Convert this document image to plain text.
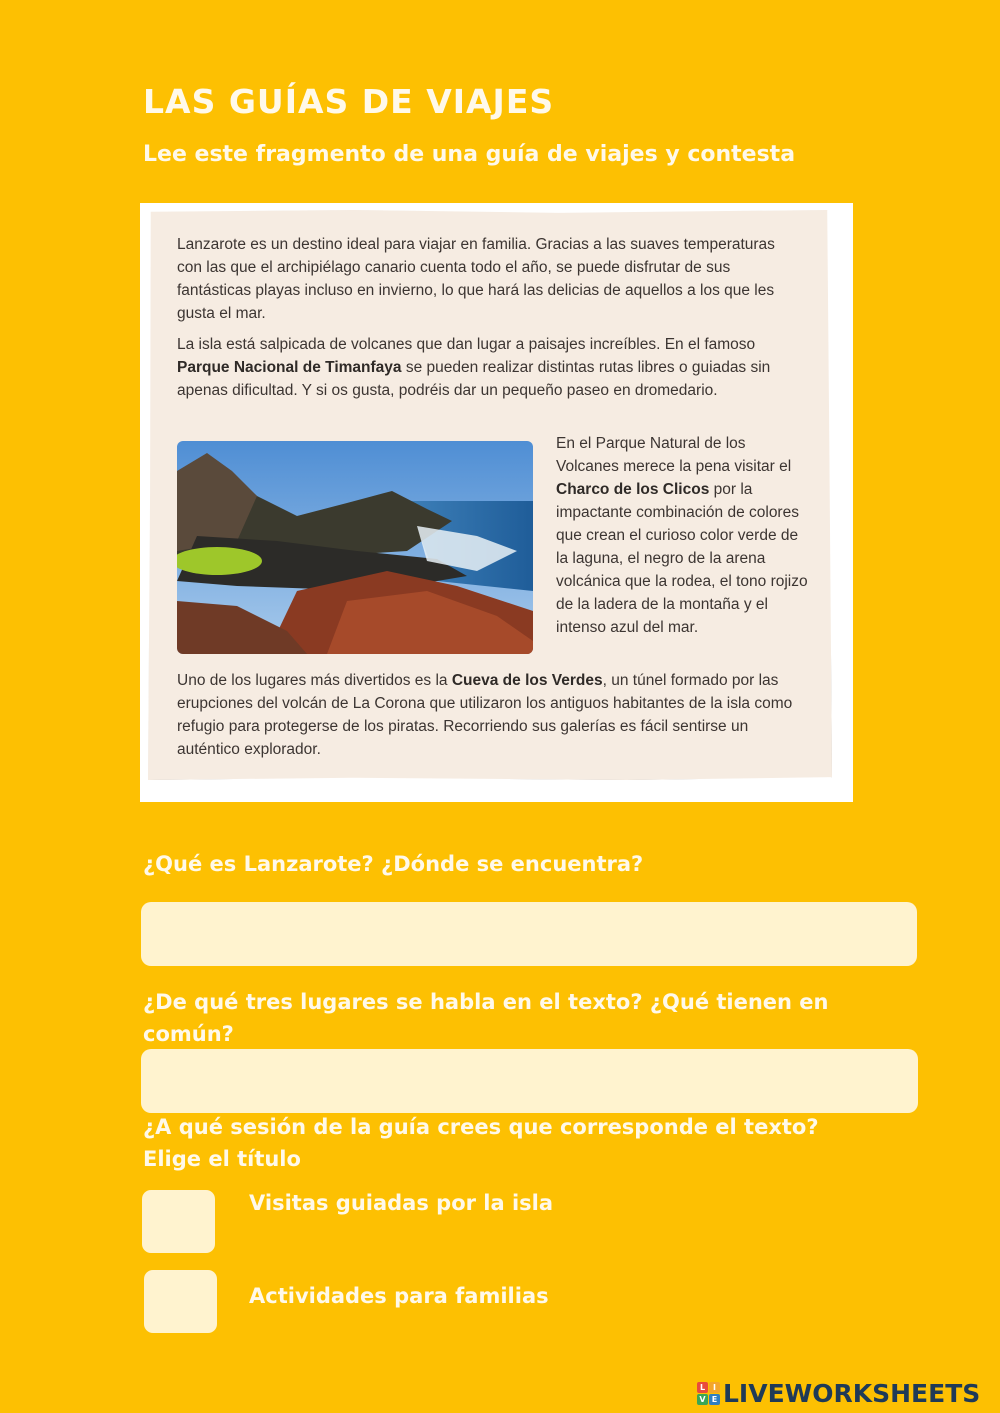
LAS GUÍAS DE VIAJES
Lee este fragmento de una guía de viajes y contesta

Lanzarote es un destino ideal para viajar en familia. Gracias a las suaves temperaturas con las que el archipiélago canario cuenta todo el año, se puede disfrutar de sus fantásticas playas incluso en invierno, lo que hará las delicias de aquellos a los que les gusta el mar.

La isla está salpicada de volcanes que dan lugar a paisajes increíbles. En el famoso Parque Nacional de Timanfaya se pueden realizar distintas rutas libres o guiadas sin apenas dificultad. Y si os gusta, podréis dar un pequeño paseo en dromedario.

En el Parque Natural de los Volcanes merece la pena visitar el Charco de los Clicos por la impactante combinación de colores que crean el curioso color verde de la laguna, el negro de la arena volcánica que la rodea, el tono rojizo de la ladera de la montaña y el intenso azul del mar.

Uno de los lugares más divertidos es la Cueva de los Verdes, un túnel formado por las erupciones del volcán de La Corona que utilizaron los antiguos habitantes de la isla como refugio para protegerse de los piratas. Recorriendo sus galerías es fácil sentirse un auténtico explorador.

¿Qué es Lanzarote? ¿Dónde se encuentra?

¿De qué tres lugares se habla en el texto? ¿Qué tienen en común?

¿A qué sesión de la guía crees que corresponde el texto? Elige el título

Visitas guiadas por la isla

Actividades para familias

L I
V E LIVEWORKSHEETS
